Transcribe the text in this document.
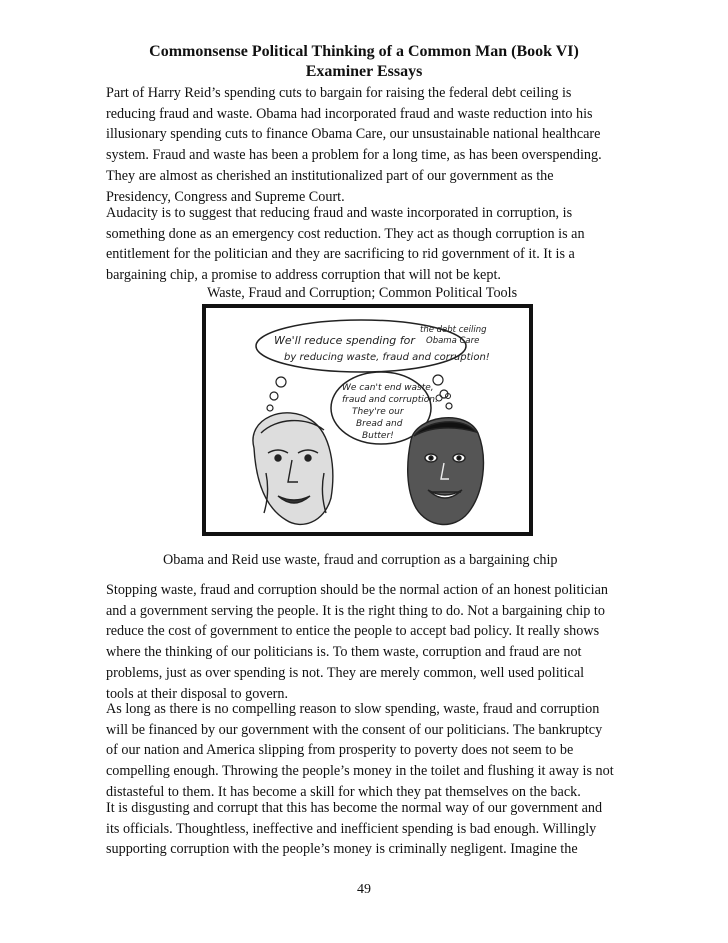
Commonsense Political Thinking of a Common Man (Book VI)
Examiner Essays
Part of Harry Reid’s spending cuts to bargain for raising the federal debt ceiling is
reducing fraud and waste. Obama had incorporated fraud and waste reduction into his
illusionary spending cuts to finance Obama Care, our unsustainable national healthcare
system. Fraud and waste has been a problem for a long time, as has been overspending.
They are almost as cherished an institutionalized part of our government as the
Presidency, Congress and Supreme Court.
Audacity is to suggest that reducing fraud and waste incorporated in corruption, is
something done as an emergency cost reduction. They act as though corruption is an
entitlement for the politician and they are sacrificing to rid government of it. It is a
bargaining chip, a promise to address corruption that will not be kept.
Waste, Fraud and Corruption; Common Political Tools
We'll reduce spending for
by reducing waste, fraud and corruption!
the debt ceiling
Obama Care
We can't end waste,
fraud and corruption.
They're our
Bread and
Butter!
Obama and Reid use waste, fraud and corruption as a bargaining chip
Stopping waste, fraud and corruption should be the normal action of an honest politician
and a government serving the people. It is the right thing to do. Not a bargaining chip to
reduce the cost of government to entice the people to accept bad policy. It really shows
where the thinking of our politicians is. To them waste, corruption and fraud are not
problems, just as over spending is not. They are merely common, well used political
tools at their disposal to govern.
As long as there is no compelling reason to slow spending, waste, fraud and corruption
will be financed by our government with the consent of our politicians. The bankruptcy
of our nation and America slipping from prosperity to poverty does not seem to be
compelling enough. Throwing the people’s money in the toilet and flushing it away is not
distasteful to them. It has become a skill for which they pat themselves on the back.
It is disgusting and corrupt that this has become the normal way of our government and
its officials. Thoughtless, ineffective and inefficient spending is bad enough. Willingly
supporting corruption with the people’s money is criminally negligent. Imagine the
49
